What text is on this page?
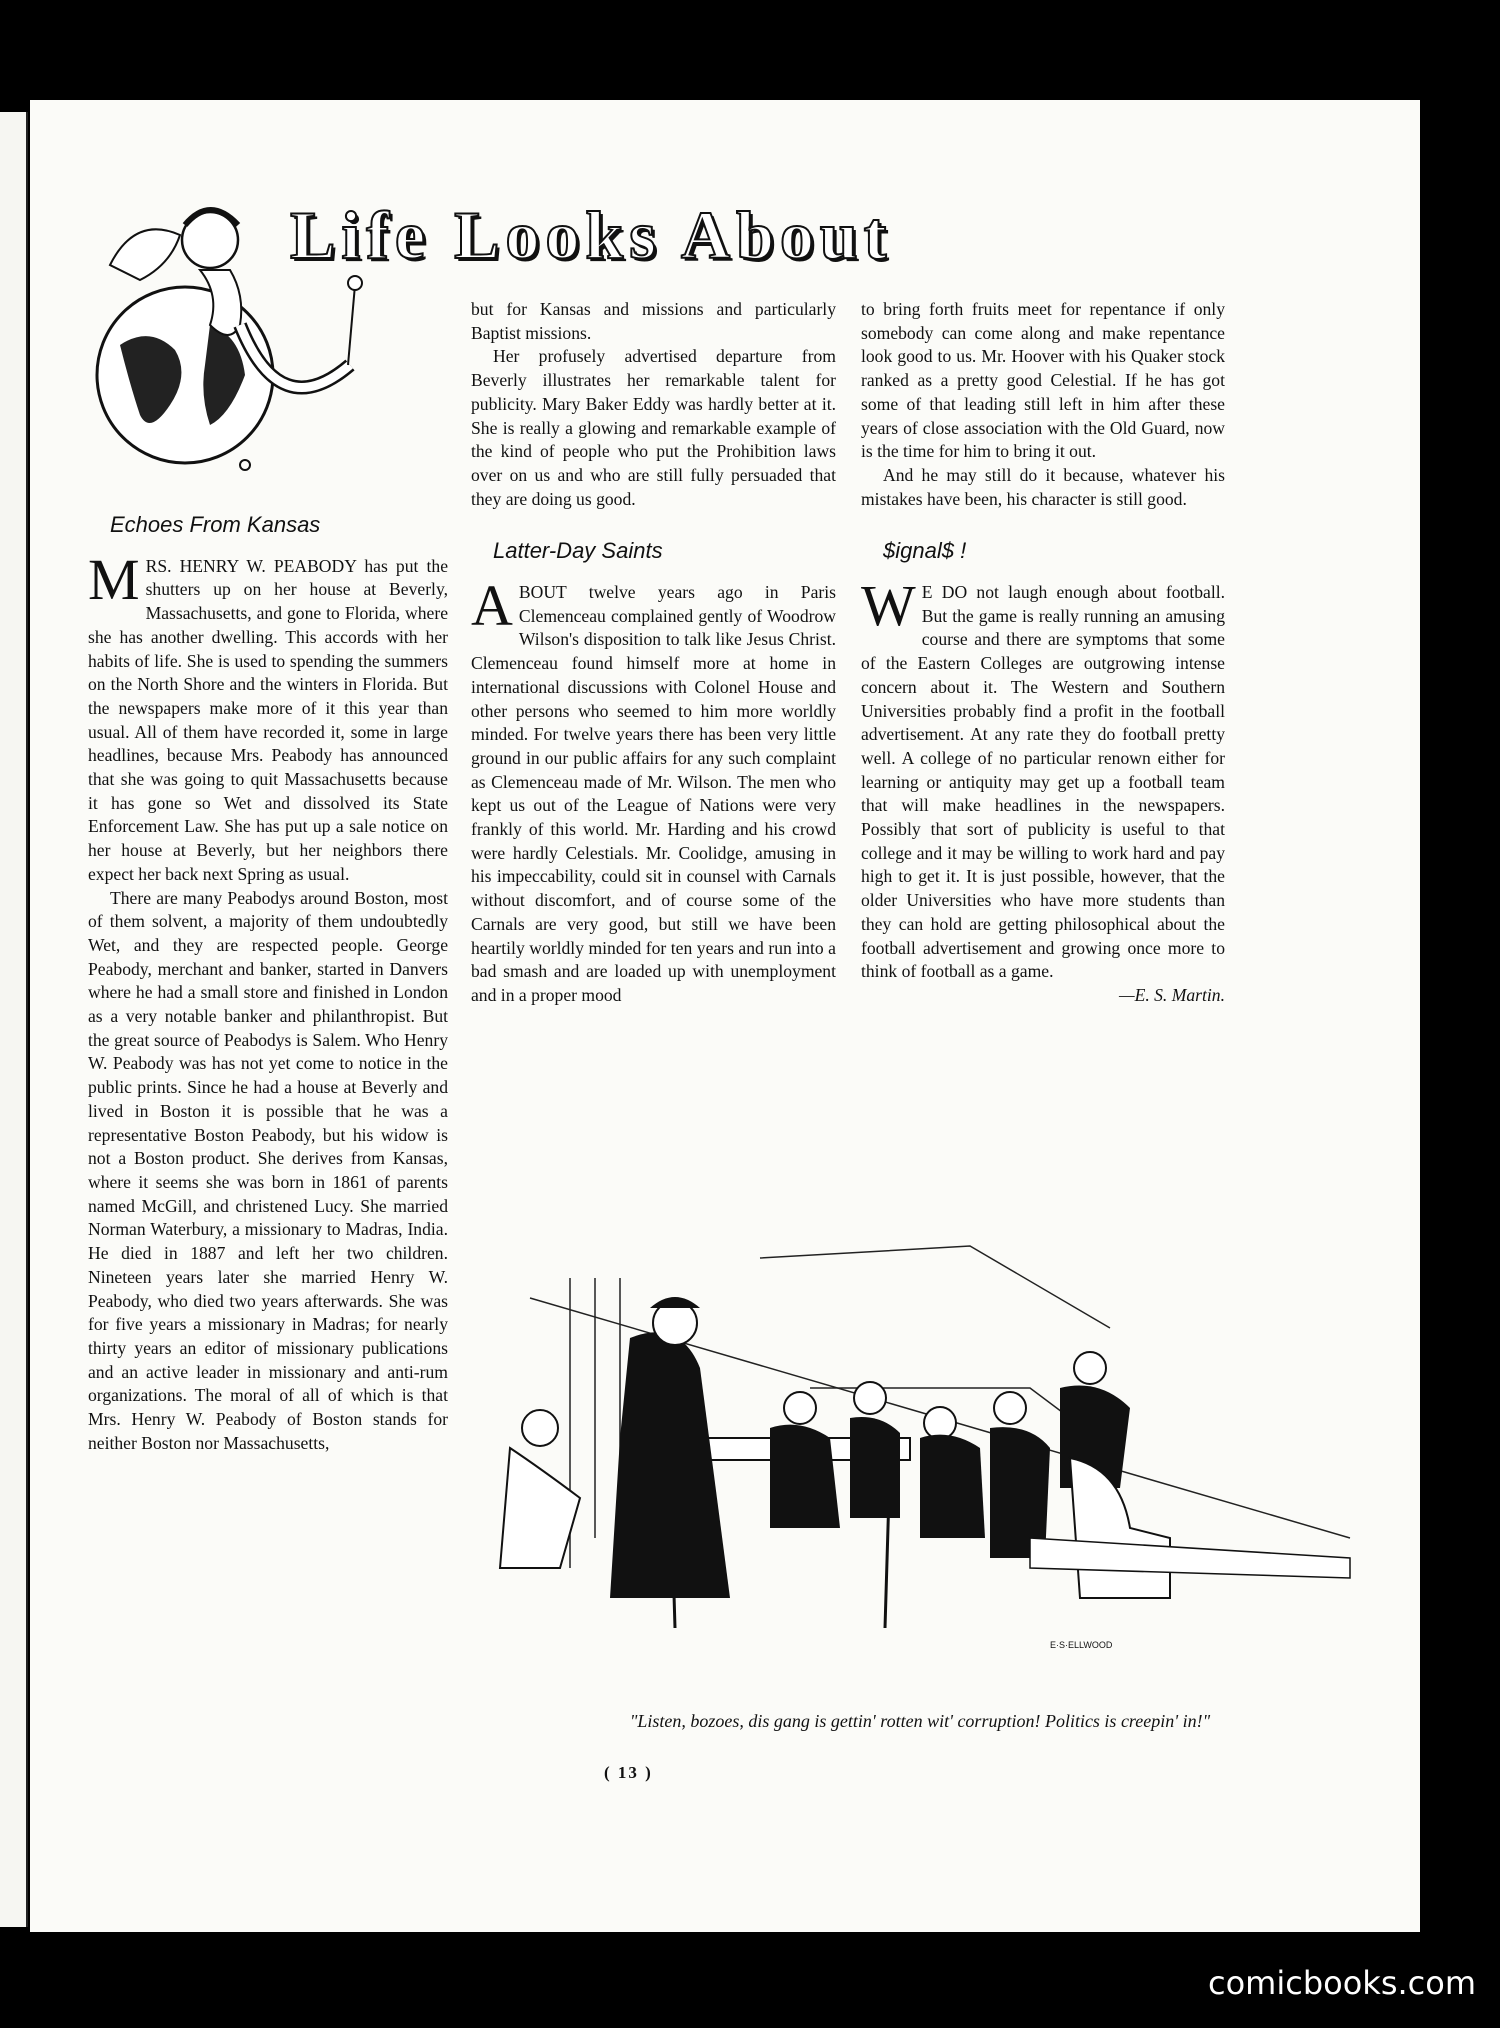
Life Looks About

Echoes From Kansas

MRS. HENRY W. PEABODY has put the shutters up on her house at Beverly, Massachusetts, and gone to Florida, where she has another dwelling. This accords with her habits of life. She is used to spending the summers on the North Shore and the winters in Florida. But the newspapers make more of it this year than usual. All of them have recorded it, some in large headlines, because Mrs. Peabody has announced that she was going to quit Massachusetts because it has gone so Wet and dissolved its State Enforcement Law. She has put up a sale notice on her house at Beverly, but her neighbors there expect her back next Spring as usual.

There are many Peabodys around Boston, most of them solvent, a majority of them undoubtedly Wet, and they are respected people. George Peabody, merchant and banker, started in Danvers where he had a small store and finished in London as a very notable banker and philanthropist. But the great source of Peabodys is Salem. Who Henry W. Peabody was has not yet come to notice in the public prints. Since he had a house at Beverly and lived in Boston it is possible that he was a representative Boston Peabody, but his widow is not a Boston product. She derives from Kansas, where it seems she was born in 1861 of parents named McGill, and christened Lucy. She married Norman Waterbury, a missionary to Madras, India. He died in 1887 and left her two children. Nineteen years later she married Henry W. Peabody, who died two years afterwards. She was for five years a missionary in Madras; for nearly thirty years an editor of missionary publications and an active leader in missionary and anti-rum organizations. The moral of all of which is that Mrs. Henry W. Peabody of Boston stands for neither Boston nor Massachusetts,

but for Kansas and missions and particularly Baptist missions.

Her profusely advertised departure from Beverly illustrates her remarkable talent for publicity. Mary Baker Eddy was hardly better at it. She is really a glowing and remarkable example of the kind of people who put the Prohibition laws over on us and who are still fully persuaded that they are doing us good.

Latter-Day Saints

ABOUT twelve years ago in Paris Clemenceau complained gently of Woodrow Wilson's disposition to talk like Jesus Christ. Clemenceau found himself more at home in international discussions with Colonel House and other persons who seemed to him more worldly minded. For twelve years there has been very little ground in our public affairs for any such complaint as Clemenceau made of Mr. Wilson. The men who kept us out of the League of Nations were very frankly of this world. Mr. Harding and his crowd were hardly Celestials. Mr. Coolidge, amusing in his impeccability, could sit in counsel with Carnals without discomfort, and of course some of the Carnals are very good, but still we have been heartily worldly minded for ten years and run into a bad smash and are loaded up with unemployment and in a proper mood

to bring forth fruits meet for repentance if only somebody can come along and make repentance look good to us. Mr. Hoover with his Quaker stock ranked as a pretty good Celestial. If he has got some of that leading still left in him after these years of close association with the Old Guard, now is the time for him to bring it out.

And he may still do it because, whatever his mistakes have been, his character is still good.

$ignal$ !

W E DO not laugh enough about football. But the game is really running an amusing course and there are symptoms that some of the Eastern Colleges are outgrowing intense concern about it. The Western and Southern Universities probably find a profit in the football advertisement. At any rate they do football pretty well. A college of no particular renown either for learning or antiquity may get up a football team that will make headlines in the newspapers. Possibly that sort of publicity is useful to that college and it may be willing to work hard and pay high to get it. It is just possible, however, that the older Universities who have more students than they can hold are getting philosophical about the football advertisement and growing once more to think of football as a game.

—E. S. Martin.

E·S·ELLWOOD
"Listen, bozoes, dis gang is gettin' rotten wit' corruption! Politics is creepin' in!"
( 13 )
comicbooks.com
